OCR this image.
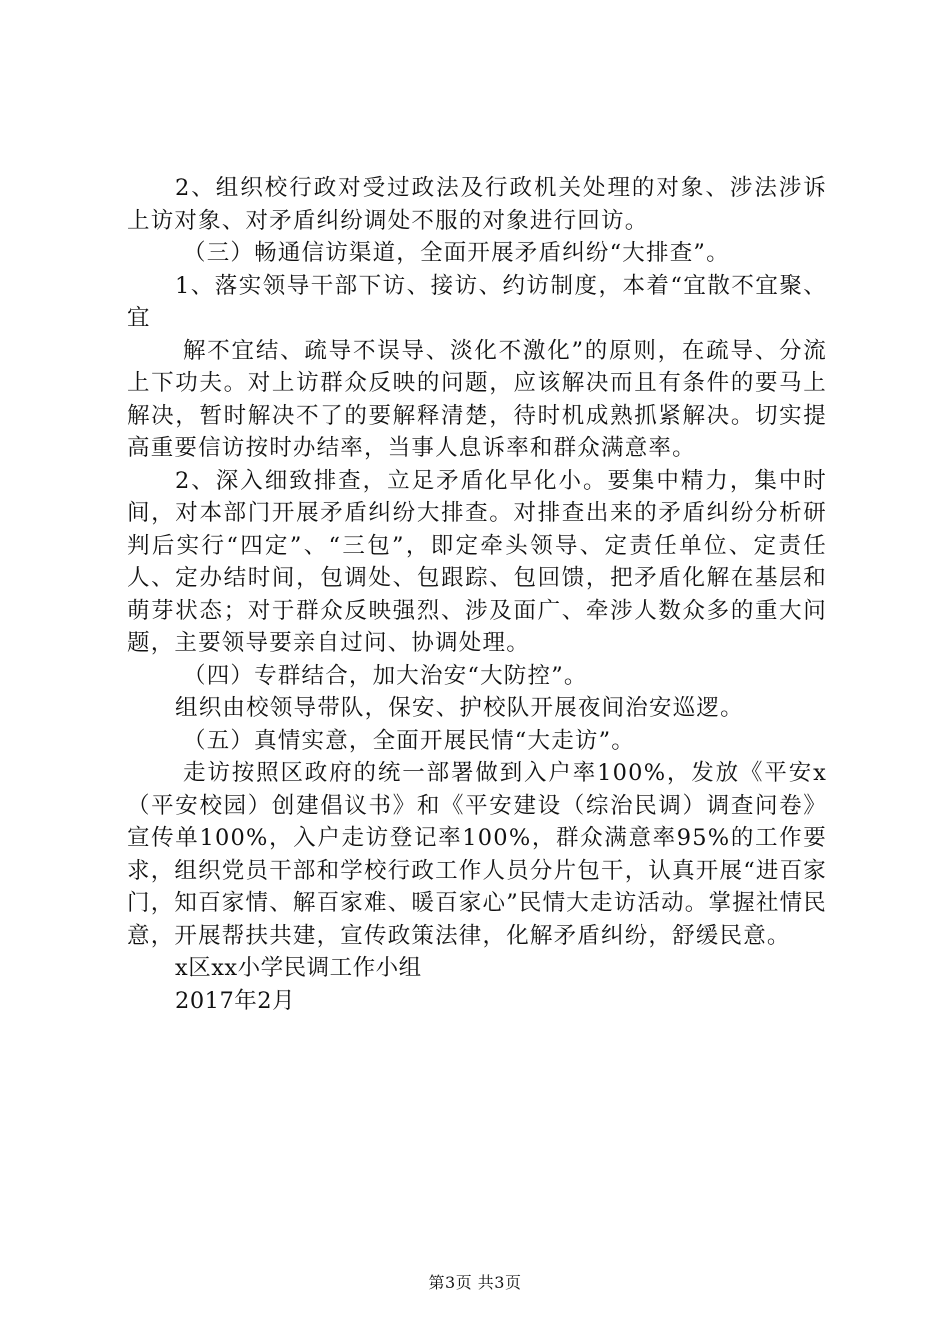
2、组织校行政对受过政法及行政机关处理的对象、涉法涉诉上访对象、对矛盾纠纷调处不服的对象进行回访。

（三）畅通信访渠道，全面开展矛盾纠纷“大排查”。

1、落实领导干部下访、接访、约访制度，本着“宜散不宜聚、宜

解不宜结、疏导不误导、淡化不激化”的原则，在疏导、分流上下功夫。对上访群众反映的问题，应该解决而且有条件的要马上解决，暂时解决不了的要解释清楚，待时机成熟抓紧解决。切实提高重要信访按时办结率，当事人息诉率和群众满意率。

2、深入细致排查，立足矛盾化早化小。要集中精力，集中时间，对本部门开展矛盾纠纷大排查。对排查出来的矛盾纠纷分析研判后实行“四定”、“三包”，即定牵头领导、定责任单位、定责任人、定办结时间，包调处、包跟踪、包回馈，把矛盾化解在基层和萌芽状态；对于群众反映强烈、涉及面广、牵涉人数众多的重大问题，主要领导要亲自过问、协调处理。

（四）专群结合，加大治安“大防控”。

组织由校领导带队，保安、护校队开展夜间治安巡逻。

（五）真情实意，全面开展民情“大走访”。

走访按照区政府的统一部署做到入户率100%，发放《平安x（平安校园）创建倡议书》和《平安建设（综治民调）调查问卷》宣传单100%，入户走访登记率100%，群众满意率95%的工作要求，组织党员干部和学校行政工作人员分片包干，认真开展“进百家门，知百家情、解百家难、暖百家心”民情大走访活动。掌握社情民意，开展帮扶共建，宣传政策法律，化解矛盾纠纷，舒缓民意。

x区xx小学民调工作小组

2017年2月

第3页 共3页
